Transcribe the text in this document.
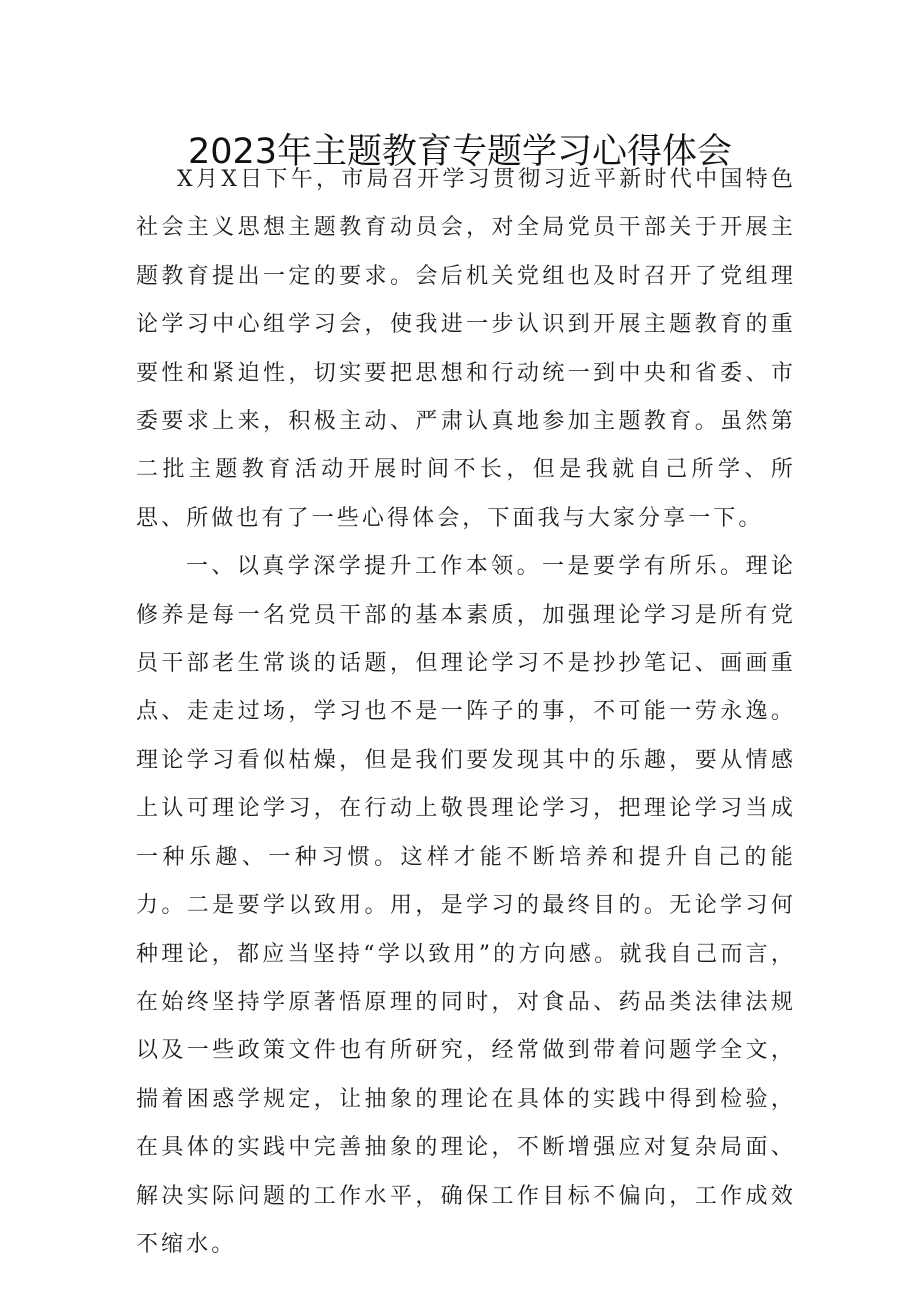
2023年主题教育专题学习心得体会

X月X日下午，市局召开学习贯彻习近平新时代中国特色社会主义思想主题教育动员会，对全局党员干部关于开展主题教育提出一定的要求。会后机关党组也及时召开了党组理论学习中心组学习会，使我进一步认识到开展主题教育的重要性和紧迫性，切实要把思想和行动统一到中央和省委、市委要求上来，积极主动、严肃认真地参加主题教育。虽然第二批主题教育活动开展时间不长，但是我就自己所学、所思、所做也有了一些心得体会，下面我与大家分享一下。

一、以真学深学提升工作本领。一是要学有所乐。理论修养是每一名党员干部的基本素质，加强理论学习是所有党员干部老生常谈的话题，但理论学习不是抄抄笔记、画画重点、走走过场，学习也不是一阵子的事，不可能一劳永逸。理论学习看似枯燥，但是我们要发现其中的乐趣，要从情感上认可理论学习，在行动上敬畏理论学习，把理论学习当成一种乐趣、一种习惯。这样才能不断培养和提升自己的能力。二是要学以致用。用，是学习的最终目的。无论学习何种理论，都应当坚持“学以致用”的方向感。就我自己而言，在始终坚持学原著悟原理的同时，对食品、药品类法律法规以及一些政策文件也有所研究，经常做到带着问题学全文，揣着困惑学规定，让抽象的理论在具体的实践中得到检验，在具体的实践中完善抽象的理论，不断增强应对复杂局面、解决实际问题的工作水平，确保工作目标不偏向，工作成效不缩水。
